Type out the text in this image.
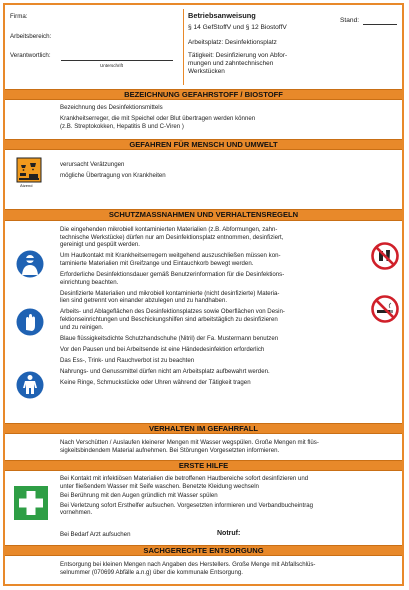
Firma:
Arbeitsbereich:
Verantwortlich:
Unterschrift
Betriebsanweisung
§ 14 GefStoffV und § 12 BiostoffV
Stand:
Arbeitsplatz: Desinfektionsplatz
Tätigkeit: Desinfizierung von Abfor-
mungen und zahntechnischen
Werkstücken
BEZEICHNUNG GEFAHRSTOFF / BIOSTOFF
Bezeichnung des Desinfektionsmittels
Krankheitserreger, die mit Speichel oder Blut übertragen werden können
(z.B. Streptokokken, Hepatitis B und C-Viren )
GEFAHREN FÜR MENSCH UND UMWELT
Ätzend
verursacht Verätzungen
mögliche Übertragung von Krankheiten
SCHUTZMASSNAHMEN UND VERHALTENSREGELN
Die eingehenden mikrobiell kontaminierten Materialien (z.B. Abformungen, zahn-
technische Werkstücke) dürfen nur am Desinfektionsplatz entnommen, desinfiziert,
gereinigt und gespült werden.
Um Hautkontakt mit Krankheitserregern weitgehend auszuschließen müssen kon-
taminierte Materialien mit Greifzange und Eintauchkorb bewegt werden.
Erforderliche Desinfektionsdauer gemäß Benutzerinformation für die Desinfektions-
einrichtung beachten.
Desinfizierte Materialien und mikrobiell kontaminierte (nicht desinfizierte) Materia-
lien sind getrennt von einander abzulegen und zu handhaben.
Arbeits- und Ablageflächen des Desinfektionsplatzes sowie Oberflächen von Desin-
fektionseinrichtungen und Beschickungshilfen sind arbeitstäglich zu desinfizieren
und zu reinigen.
Blaue flüssigkeitsdichte Schutzhandschuhe (Nitril) der Fa. Mustermann benutzen
Vor den Pausen und bei Arbeitsende ist eine Händedesinfektion erforderlich
Das Ess-, Trink- und Rauchverbot ist zu beachten
Nahrungs- und Genussmittel dürfen nicht am Arbeitsplatz aufbewahrt werden.
Keine Ringe, Schmuckstücke oder Uhren während der Tätigkeit tragen
VERHALTEN IM GEFAHRFALL
Nach Verschütten / Auslaufen kleinerer Mengen mit Wasser wegspülen. Große Mengen mit flüs-
sigkeitsbindendem Material aufnehmen. Bei Störungen Vorgesetzten informieren.
ERSTE HILFE
Bei Kontakt mit infektiösen Materialien die betroffenen Hautbereiche sofort desinfizieren und
unter fließendem Wasser mit Seife waschen. Benetzte Kleidung wechseln
Bei Berührung mit den Augen gründlich mit Wasser spülen
Bei Verletzung sofort Ersthelfer aufsuchen. Vorgesetzten informieren und Verbandbucheintrag
vornehmen.
Bei Bedarf Arzt aufsuchen	Notruf:
SACHGERECHTE ENTSORGUNG
Entsorgung bei kleinen Mengen nach Angaben des Herstellers. Große Menge mit Abfallschlüs-
selnummer (070699 Abfälle a.n.g) über die kommunale Entsorgung.
